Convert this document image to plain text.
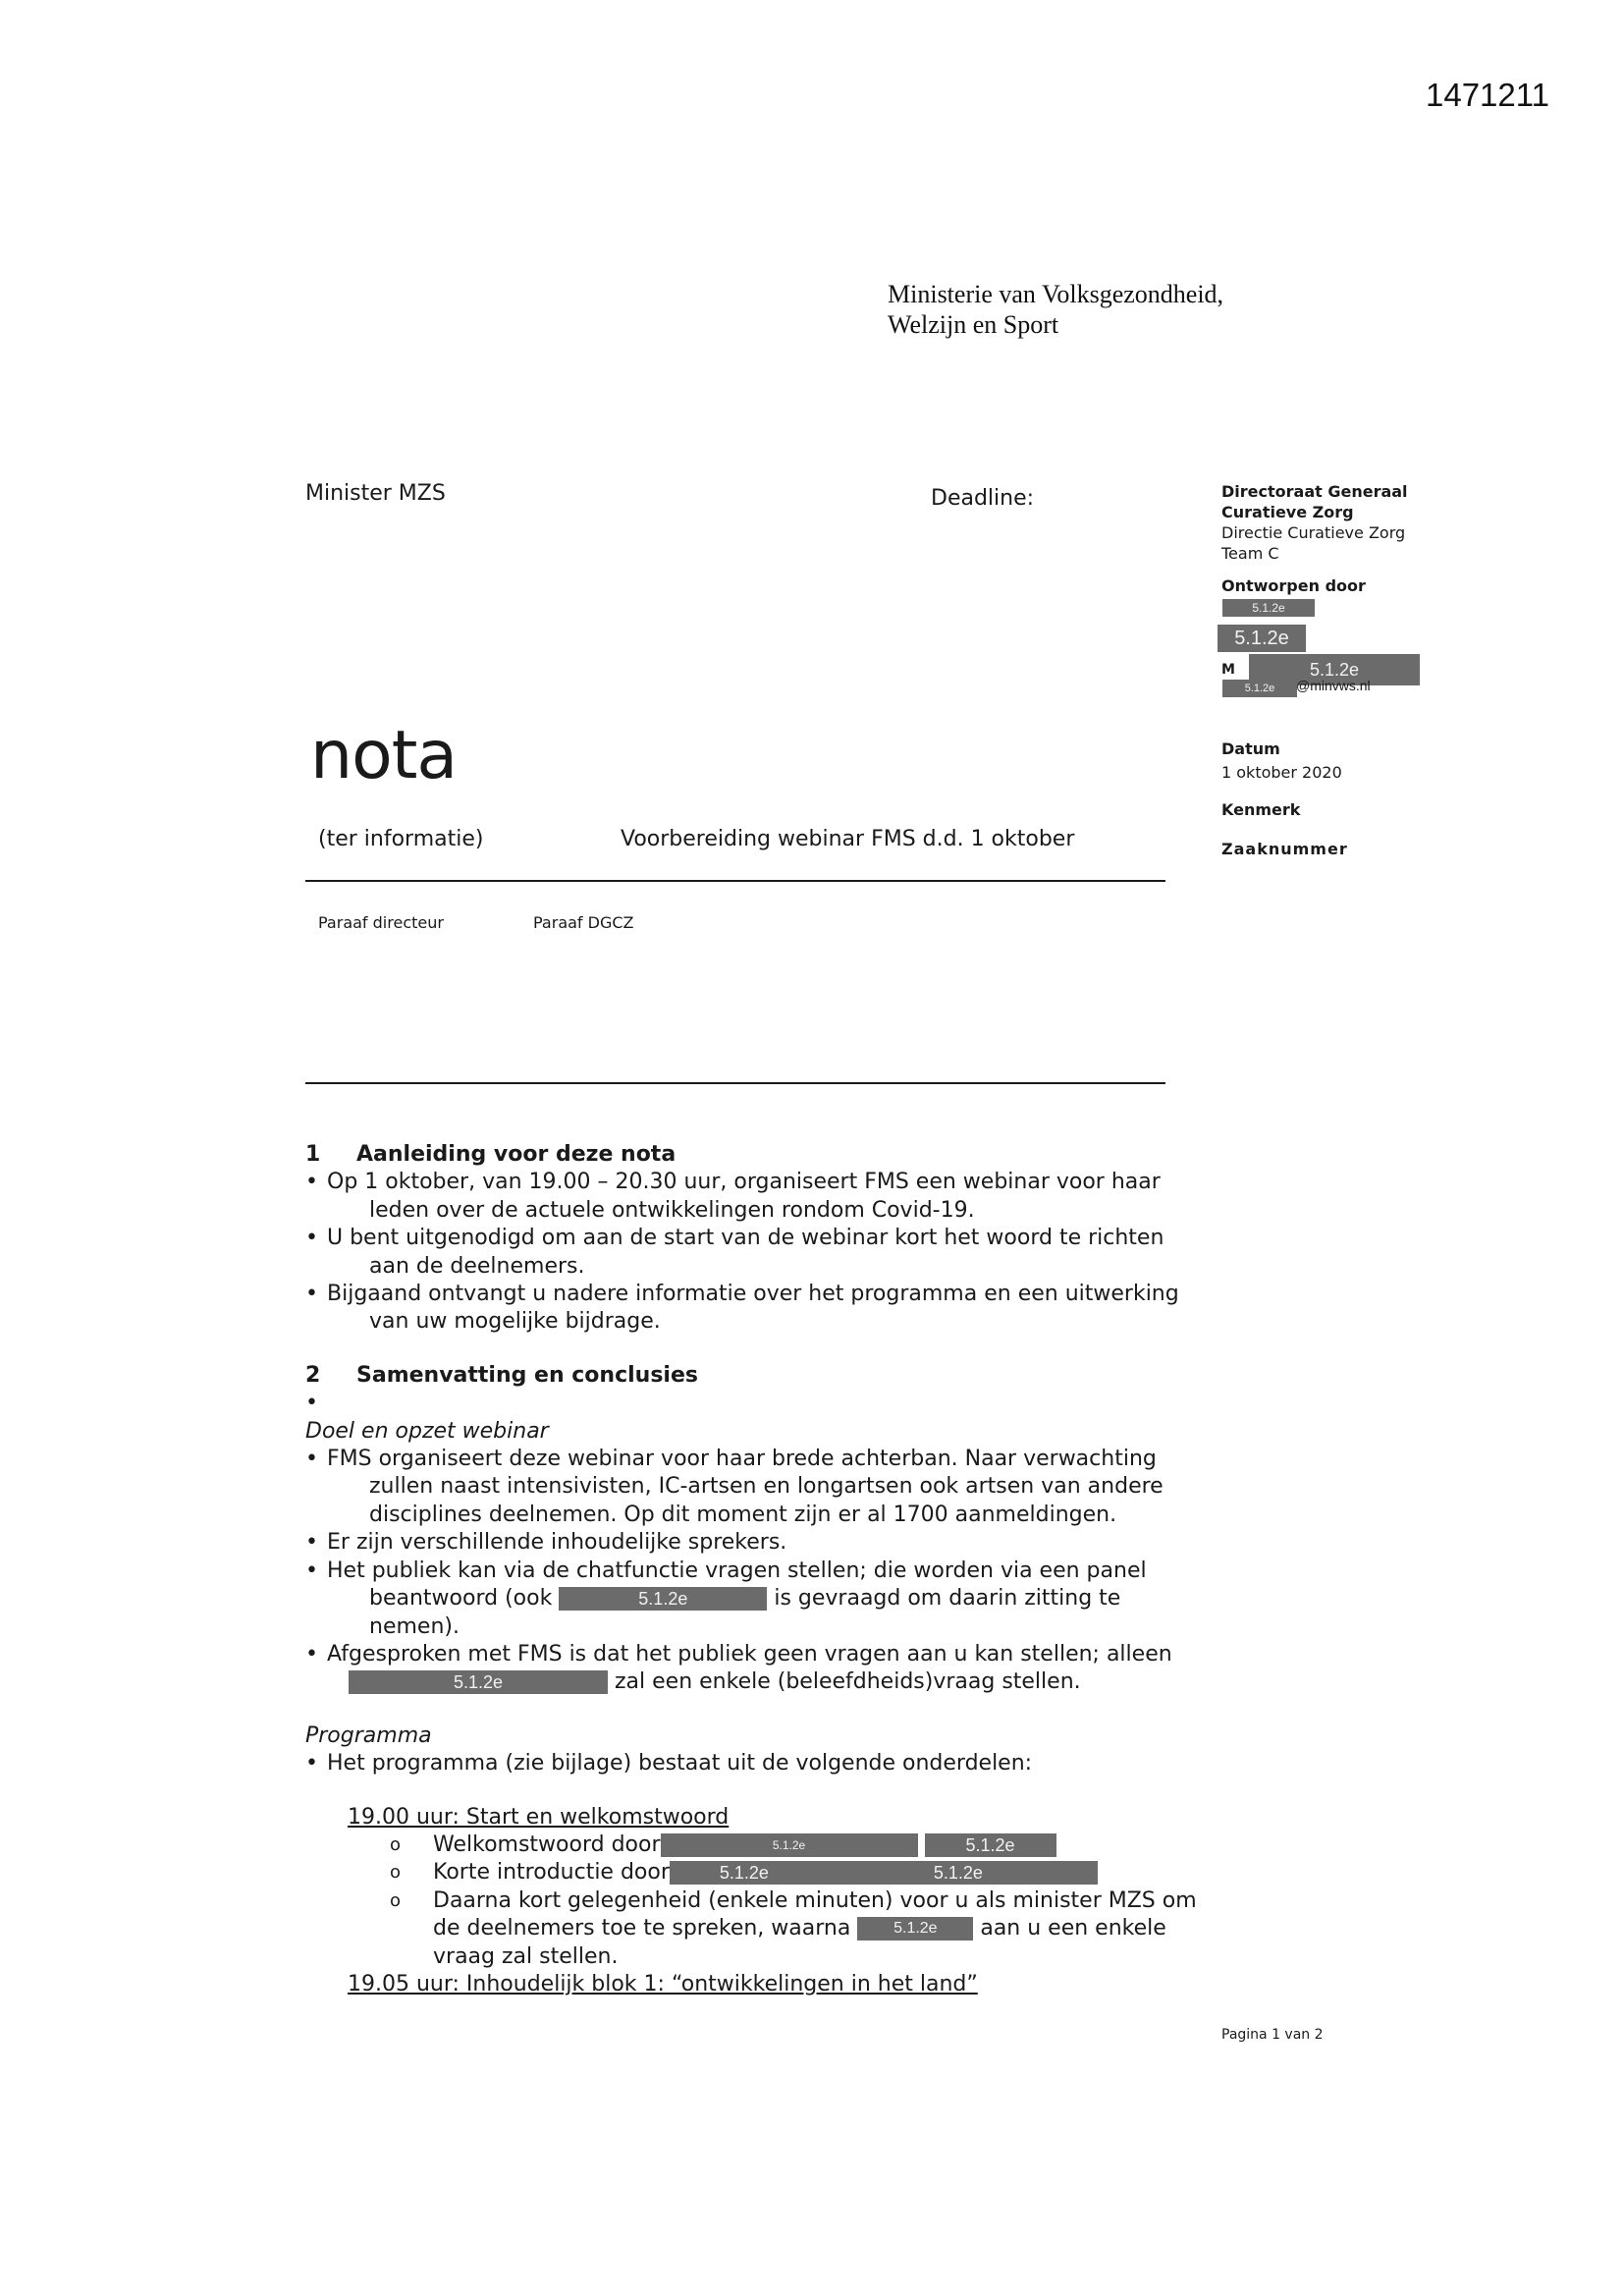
1471211
Ministerie van Volksgezondheid,
Welzijn en Sport
Minister MZS	Deadline:	Directoraat Generaal
Curatieve Zorg
Directie Curatieve Zorg
Team C
Ontworpen door
5.1.2e
5.1.2e
M	5.1.2e
5.1.2e	@minvws.nl
Datum
1 oktober 2020
Kenmerk
Zaaknummer
nota
(ter informatie)	Voorbereiding webinar FMS d.d. 1 oktober
Paraaf directeur	Paraaf DGCZ
1 Aanleiding voor deze nota
• Op 1 oktober, van 19.00 – 20.30 uur, organiseert FMS een webinar voor haar
leden over de actuele ontwikkelingen rondom Covid-19.
• U bent uitgenodigd om aan de start van de webinar kort het woord te richten
aan de deelnemers.
• Bijgaand ontvangt u nadere informatie over het programma en een uitwerking
van uw mogelijke bijdrage.
2 Samenvatting en conclusies
•
Doel en opzet webinar
• FMS organiseert deze webinar voor haar brede achterban. Naar verwachting
zullen naast intensivisten, IC-artsen en longartsen ook artsen van andere
disciplines deelnemen. Op dit moment zijn er al 1700 aanmeldingen.
• Er zijn verschillende inhoudelijke sprekers.
• Het publiek kan via de chatfunctie vragen stellen; die worden via een panel
beantwoord (ook	5.1.2e	is gevraagd om daarin zitting te nemen).
• Afgesproken met FMS is dat het publiek geen vragen aan u kan stellen; alleen
5.1.2e	zal een enkele (beleefdheids)vraag stellen.
Programma
• Het programma (zie bijlage) bestaat uit de volgende onderdelen:
19.00 uur: Start en welkomstwoord
o Welkomstwoord door	5.1.2e	5.1.2e
o Korte introductie door	5.1.2e	5.1.2e
o Daarna kort gelegenheid (enkele minuten) voor u als minister MZS om
de deelnemers toe te spreken, waarna	5.1.2e aan u een enkele
vraag zal stellen.
19.05 uur: Inhoudelijk blok 1: “ontwikkelingen in het land”
Pagina 1 van 2
